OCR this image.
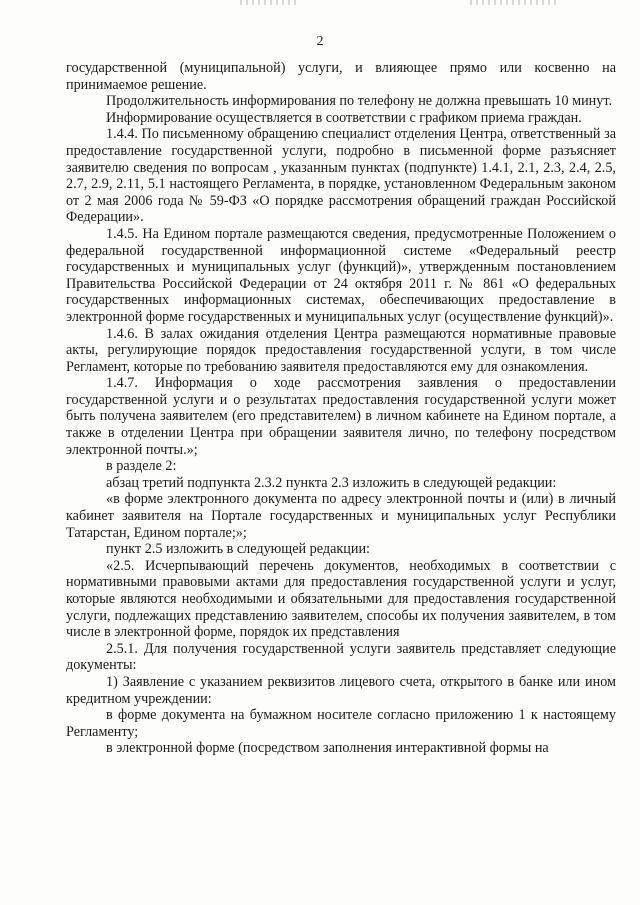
2

государственной (муниципальной) услуги, и влияющее прямо или косвенно на принимаемое решение.

Продолжительность информирования по телефону не должна превышать 10 минут.

Информирование осуществляется в соответствии с графиком приема граждан.

1.4.4. По письменному обращению специалист отделения Центра, ответственный за предоставление государственной услуги, подробно в письменной форме разъясняет заявителю сведения по вопросам , указанным пунктах (подпункте) 1.4.1, 2.1, 2.3, 2.4, 2.5, 2.7, 2.9, 2.11, 5.1 настоящего Регламента, в порядке, установленном Федеральным законом от 2 мая 2006 года № 59-ФЗ «О порядке рассмотрения обращений граждан Российской Федерации».

1.4.5. На Едином портале размещаются сведения, предусмотренные Положением о федеральной государственной информационной системе «Федеральный реестр государственных и муниципальных услуг (функций)», утвержденным постановлением Правительства Российской Федерации от 24 октября 2011 г. № 861 «О федеральных государственных информационных системах, обеспечивающих предоставление в электронной форме государственных и муниципальных услуг (осуществление функций)».

1.4.6. В залах ожидания отделения Центра размещаются нормативные правовые акты, регулирующие порядок предоставления государственной услуги, в том числе Регламент, которые по требованию заявителя предоставляются ему для ознакомления.

1.4.7. Информация о ходе рассмотрения заявления о предоставлении государственной услуги и о результатах предоставления государственной услуги может быть получена заявителем (его представителем) в личном кабинете на Едином портале, а также в отделении Центра при обращении заявителя лично, по телефону посредством электронной почты.»;

в разделе 2:

абзац третий подпункта 2.3.2 пункта 2.3 изложить в следующей редакции:

«в форме электронного документа по адресу электронной почты и (или) в личный кабинет заявителя на Портале государственных и муниципальных услуг Республики Татарстан, Едином портале;»;

пункт 2.5 изложить в следующей редакции:

«2.5. Исчерпывающий перечень документов, необходимых в соответствии с нормативными правовыми актами для предоставления государственной услуги и услуг, которые являются необходимыми и обязательными для предоставления государственной услуги, подлежащих представлению заявителем, способы их получения заявителем, в том числе в электронной форме, порядок их представления

2.5.1. Для получения государственной услуги заявитель представляет следующие документы:

1) Заявление с указанием реквизитов лицевого счета, открытого в банке или ином кредитном учреждении:

в форме документа на бумажном носителе согласно приложению 1 к настоящему Регламенту;

в электронной форме (посредством заполнения интерактивной формы на
